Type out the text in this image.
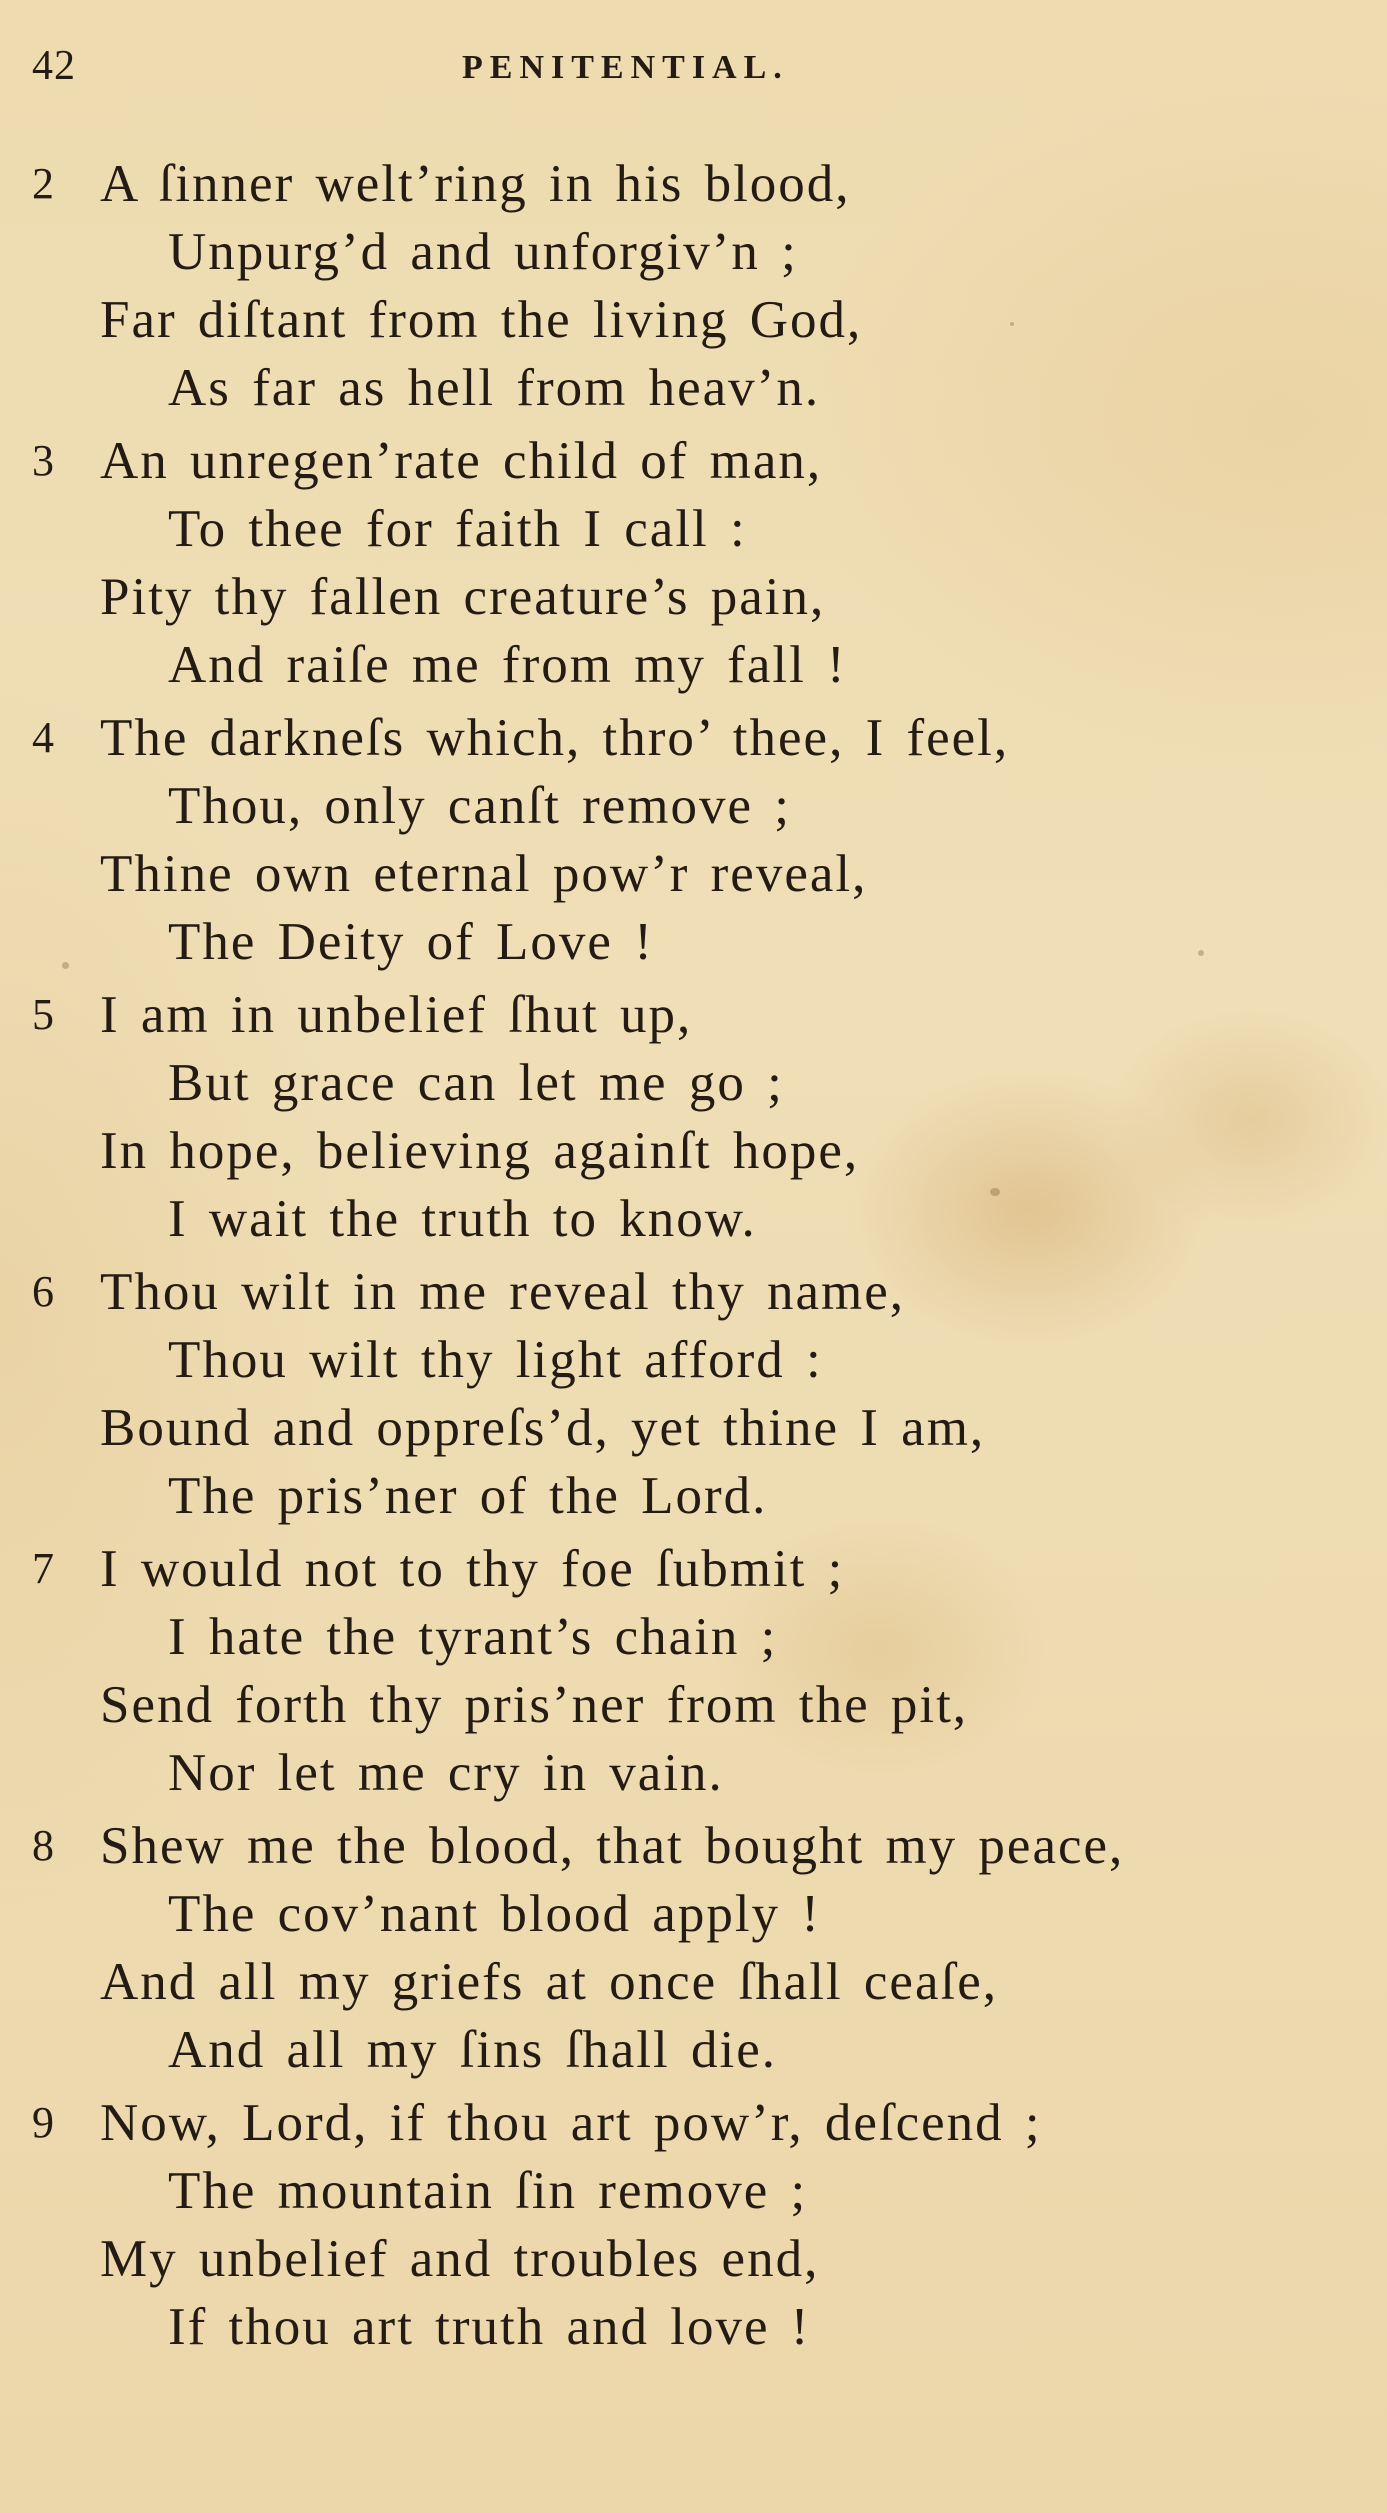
42	PENITENTIAL.
2 A ſinner welt’ring in his blood,
Unpurg’d and unforgiv’n ;
Far diſtant from the living God,
As far as hell from heav’n.
3 An unregen’rate child of man,
To thee for faith I call :
Pity thy fallen creature’s pain,
And raiſe me from my fall !
4 The darkneſs which, thro’ thee, I feel,
Thou, only canſt remove ;
Thine own eternal pow’r reveal,
The Deity of Love !
5 I am in unbelief ſhut up,
But grace can let me go ;
In hope, believing againſt hope,
I wait the truth to know.
6 Thou wilt in me reveal thy name,
Thou wilt thy light afford :
Bound and oppreſs’d, yet thine I am,
The pris’ner of the Lord.
7 I would not to thy foe ſubmit ;
I hate the tyrant’s chain ;
Send forth thy pris’ner from the pit,
Nor let me cry in vain.
8 Shew me the blood, that bought my peace,
The cov’nant blood apply !
And all my griefs at once ſhall ceaſe,
And all my ſins ſhall die.
9 Now, Lord, if thou art pow’r, deſcend ;
The mountain ſin remove ;
My unbelief and troubles end,
If thou art truth and love !
